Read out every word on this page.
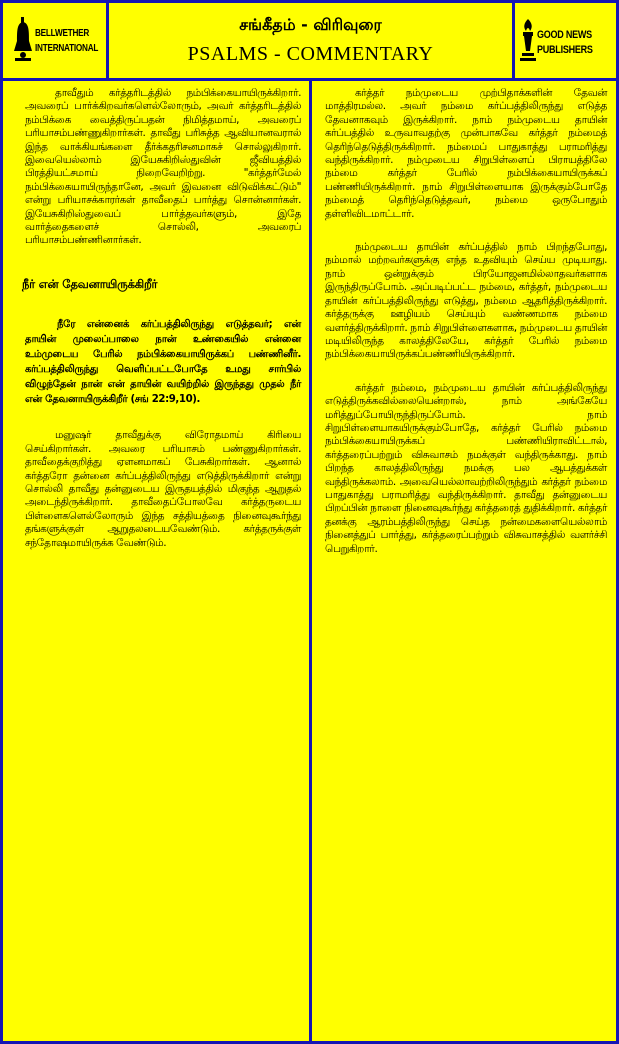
BELLWETHER
INTERNATIONAL
சங்கீதம் - விரிவுரை
PSALMS - COMMENTARY
GOOD NEWS
PUBLISHERS

தாவீதும் கர்த்தரிடத்தில் நம்பிக்கையாயிருக்கிறார். அவரைப் பார்க்கிறவர்களெல்லோரும், அவர் கர்த்தரிடத்தில் நம்பிக்கை வைத்திருப்பதன் நிமித்தமாய், அவரைப் பரியாசம்பண்ணுகிறார்கள். தாவீது பரிசுத்த ஆவியானவரால் இந்த வாக்கியங்களை தீர்க்கதரிசனமாகச் சொல்லுகிறார். இவையெல்லாம் இயேசுகிறிஸ்துவின் ஜீவியத்தில் பிரத்தியட்சமாய் நிறைவேறிற்று. "கர்த்தர்மேல் நம்பிக்கையாயிருந்தானே, அவர் இவனை விடுவிக்கட்டும்" என்று பரியாசக்காரர்கள் தாவீதைப் பார்த்து சொன்னார்கள். இயேசுகிறிஸ்துவைப் பார்த்தவர்களும், இதே வார்த்தைகளைச் சொல்லி, அவரைப் பரியாசம்பண்ணினார்கள்.

நீர் என் தேவனாயிருக்கிறீர்
நீரே என்னைக் கர்ப்பத்திலிருந்து எடுத்தவர்; என் தாயின் முலைப்பாலை நான் உண்கையில் என்னை உம்முடைய பேரில் நம்பிக்கையாயிருக்கப் பண்ணினீர். கர்ப்பத்திலிருந்து வெளிப்பட்டபோதே உமது சார்பில் விழுந்தேன் நான் என் தாயின் வயிற்றில் இருந்தது முதல் நீர் என் தேவனாயிருக்கிறீர் (சங் 22:9,10).

மனுஷர் தாவீதுக்கு விரோதமாய் கிரியை செய்கிறார்கள். அவரை பரியாசம் பண்ணுகிறார்கள். தாவீதைக்குறித்து ஏளனமாகப் பேசுகிறார்கள். ஆனால் கர்த்தரோ தன்னை கர்ப்பத்திலிருந்து எடுத்திருக்கிறார் என்று சொல்லி தாவீது தன்னுடைய இருதயத்தில் மிகுந்த ஆறுதல் அடைந்திருக்கிறார். தாவீதைப்போலவே கர்த்தருடைய பிள்ளைகளெல்லோரும் இந்த சத்தியத்தை நினைவுகூர்ந்து தங்களுக்குள் ஆறுதலடையவேண்டும். கர்த்தருக்குள் சந்தோஷமாயிருக்க வேண்டும்.

கர்த்தர் நம்முடைய முற்பிதாக்களின் தேவன் மாத்திரமல்ல. அவர் நம்மை கர்ப்பத்திலிருந்து எடுத்த தேவனாகவும் இருக்கிறார். நாம் நம்முடைய தாயின் கர்ப்பத்தில் உருவாவதற்கு முன்பாகவே கர்த்தர் நம்மைத் தெரிந்தெடுத்திருக்கிறார். நம்மைப் பாதுகாத்து பராமரித்து வந்திருக்கிறார். நம்முடைய சிறுபிள்ளைப் பிராயத்திலே நம்மை கர்த்தர் பேரில் நம்பிக்கையாயிருக்கப் பண்ணியிருக்கிறார். நாம் சிறுபிள்ளையாக இருக்கும்போதே நம்மைத் தெரிந்தெடுத்தவர், நம்மை ஒருபோதும் தள்ளிவிடமாட்டார்.

நம்முடைய தாயின் கர்ப்பத்தில் நாம் பிறந்தபோது, நம்மால் மற்றவர்களுக்கு எந்த உதவியும் செய்ய முடியாது. நாம் ஒன்றுக்கும் பிரயோஜனமில்லாதவர்களாக இருந்திருப்போம். அப்படிப்பட்ட நம்மை, கர்த்தர், நம்முடைய தாயின் கர்ப்பத்திலிருந்து எடுத்து, நம்மை ஆதரித்திருக்கிறார். கர்த்தருக்கு ஊழியம் செய்யும் வண்ணமாக நம்மை வளர்த்திருக்கிறார். நாம் சிறுபிள்ளைகளாக, நம்முடைய தாயின் மடியிலிருந்த காலத்திலேயே, கர்த்தர் பேரில் நம்மை நம்பிக்கையாயிருக்கப்பண்ணியிருக்கிறார்.

கர்த்தர் நம்மை, நம்முடைய தாயின் கர்ப்பத்திலிருந்து எடுத்திருக்கவில்லையென்றால், நாம் அங்கேயே மரித்துப்போயிருந்திருப்போம். நாம் சிறுபிள்ளையாகயிருக்கும்போதே, கர்த்தர் பேரில் நம்மை நம்பிக்கையாயிருக்கப் பண்ணியிராவிட்டால், கர்த்தரைப்பற்றும் விசுவாசம் நமக்குள் வந்திருக்காது. நாம் பிறந்த காலத்திலிருந்து நமக்கு பல ஆபத்துக்கள் வந்திருக்கலாம். அவையெல்லாவற்றிலிருந்தும் கர்த்தர் நம்மை பாதுகாத்து பராமரித்து வந்திருக்கிறார். தாவீது தன்னுடைய பிறப்பின் நாளை நினைவுகூர்ந்து கர்த்தரைத் துதிக்கிறார். கர்த்தர் தனக்கு ஆரம்பத்திலிருந்து செய்த நன்மைகளையெல்லாம் நினைத்துப் பார்த்து, கர்த்தரைப்பற்றும் விசுவாசத்தில் வளர்ச்சி பெறுகிறார்.
